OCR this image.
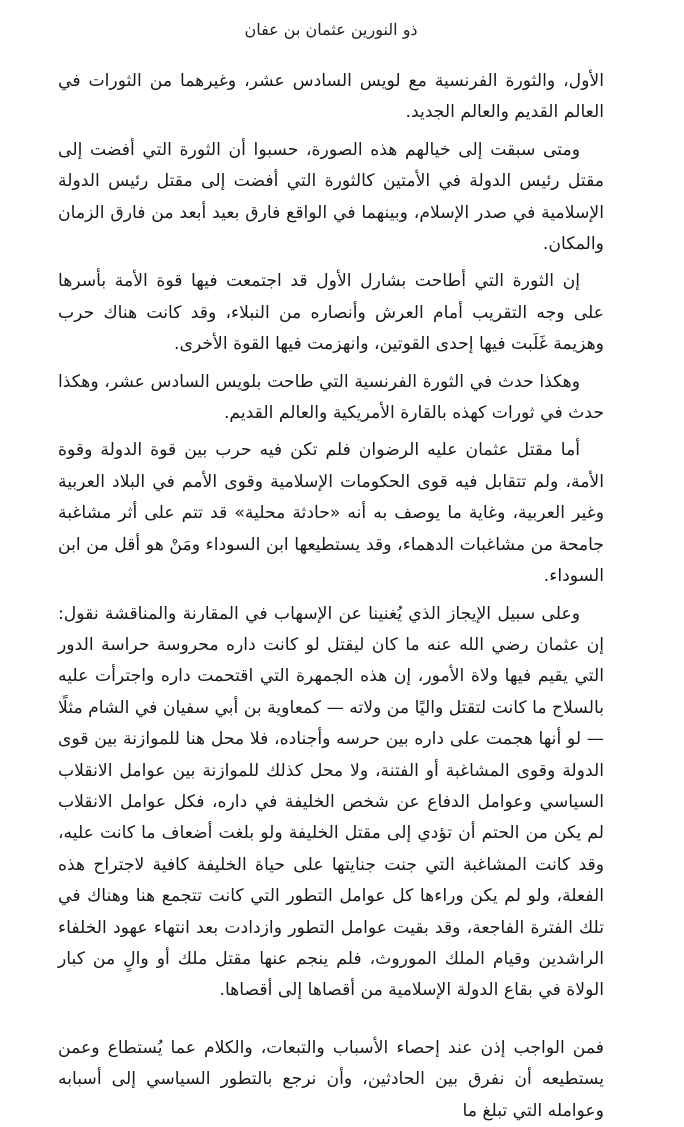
ذو النورين عثمان بن عفان

الأول، والثورة الفرنسية مع لويس السادس عشر، وغيرهما من الثورات في العالم القديم والعالم الجديد.

ومتى سبقت إلى خيالهم هذه الصورة، حسبوا أن الثورة التي أفضت إلى مقتل رئيس الدولة في الأمتين كالثورة التي أفضت إلى مقتل رئيس الدولة الإسلامية في صدر الإسلام، وبينهما في الواقع فارق بعيد أبعد من فارق الزمان والمكان.

إن الثورة التي أطاحت بشارل الأول قد اجتمعت فيها قوة الأمة بأسرها على وجه التقريب أمام العرش وأنصاره من النبلاء، وقد كانت هناك حرب وهزيمة غَلَبت فيها إحدى القوتين، وانهزمت فيها القوة الأخرى.

وهكذا حدث في الثورة الفرنسية التي طاحت بلويس السادس عشر، وهكذا حدث في ثورات كهذه بالقارة الأمريكية والعالم القديم.

أما مقتل عثمان عليه الرضوان فلم تكن فيه حرب بين قوة الدولة وقوة الأمة، ولم تتقابل فيه قوى الحكومات الإسلامية وقوى الأمم في البلاد العربية وغير العربية، وغاية ما يوصف به أنه «حادثة محلية» قد تتم على أثر مشاغبة جامحة من مشاغبات الدهماء، وقد يستطيعها ابن السوداء ومَنْ هو أقل من ابن السوداء.

وعلى سبيل الإيجاز الذي يُغنينا عن الإسهاب في المقارنة والمناقشة نقول: إن عثمان رضي الله عنه ما كان ليقتل لو كانت داره محروسة حراسة الدور التي يقيم فيها ولاة الأمور، إن هذه الجمهرة التي اقتحمت داره واجترأت عليه بالسلاح ما كانت لتقتل واليًا من ولاته — كمعاوية بن أبي سفيان في الشام مثلًا — لو أنها هجمت على داره بين حرسه وأجناده، فلا محل هنا للموازنة بين قوى الدولة وقوى المشاغبة أو الفتنة، ولا محل كذلك للموازنة بين عوامل الانقلاب السياسي وعوامل الدفاع عن شخص الخليفة في داره، فكل عوامل الانقلاب لم يكن من الحتم أن تؤدي إلى مقتل الخليفة ولو بلغت أضعاف ما كانت عليه، وقد كانت المشاغبة التي جنت جنايتها على حياة الخليفة كافية لاجتراح هذه الفعلة، ولو لم يكن وراءها كل عوامل التطور التي كانت تتجمع هنا وهناك في تلك الفترة الفاجعة، وقد بقيت عوامل التطور وازدادت بعد انتهاء عهود الخلفاء الراشدين وقيام الملك الموروث، فلم ينجم عنها مقتل ملك أو والٍ من كبار الولاة في بقاع الدولة الإسلامية من أقصاها إلى أقصاها.

فمن الواجب إذن عند إحصاء الأسباب والتبعات، والكلام عما يُستطاع وعمن يستطيعه أن نفرق بين الحادثين، وأن نرجع بالتطور السياسي إلى أسبابه وعوامله التي تبلغ ما
